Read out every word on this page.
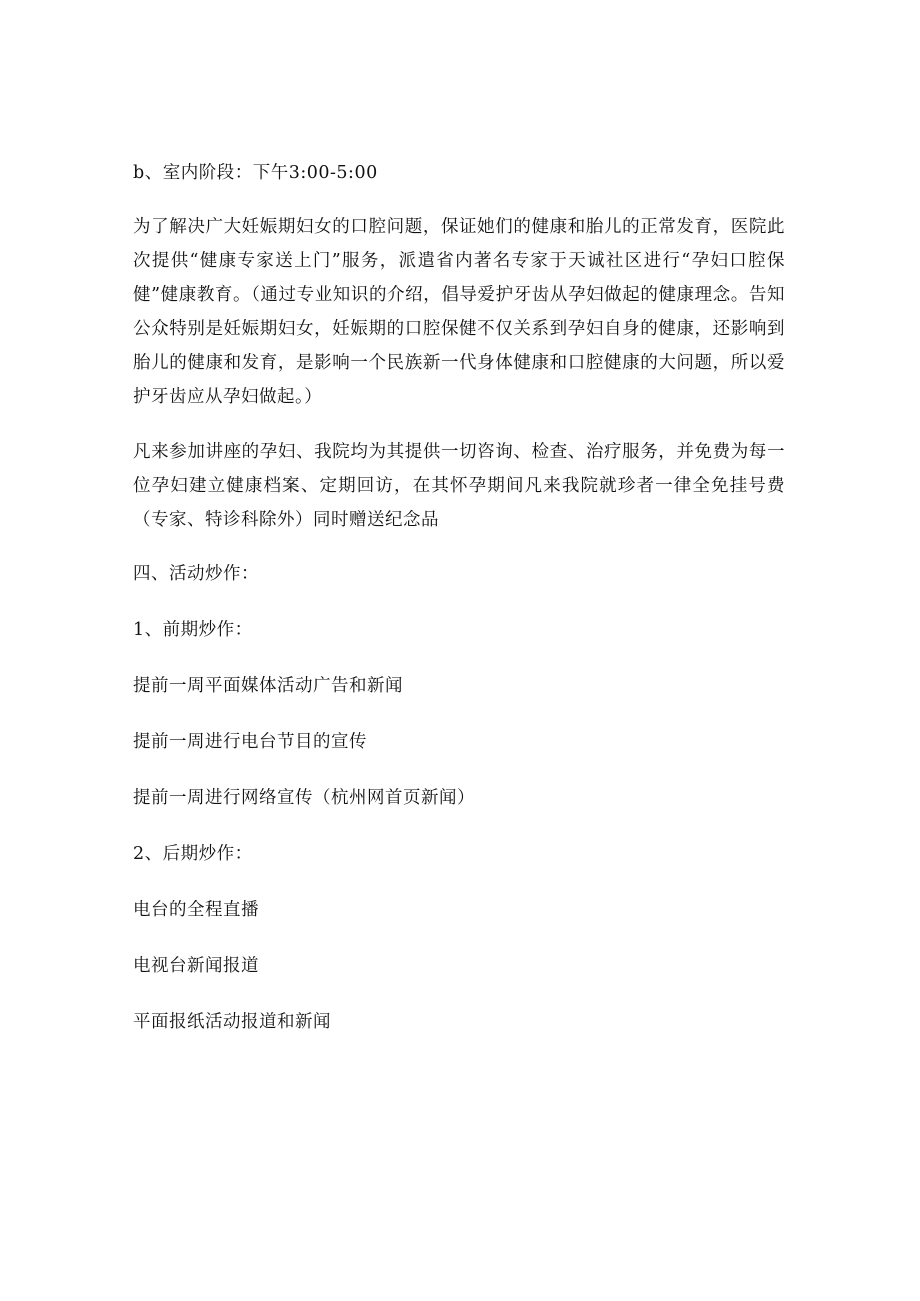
b、室内阶段：下午3:00-5:00

为了解决广大妊娠期妇女的口腔问题，保证她们的健康和胎儿的正常发育，医院此次提供“健康专家送上门”服务，派遣省内著名专家于天诚社区进行“孕妇口腔保健”健康教育。（通过专业知识的介绍，倡导爱护牙齿从孕妇做起的健康理念。告知公众特别是妊娠期妇女，妊娠期的口腔保健不仅关系到孕妇自身的健康，还影响到胎儿的健康和发育，是影响一个民族新一代身体健康和口腔健康的大问题，所以爱护牙齿应从孕妇做起。）

凡来参加讲座的孕妇、我院均为其提供一切咨询、检查、治疗服务，并免费为每一位孕妇建立健康档案、定期回访，在其怀孕期间凡来我院就珍者一律全免挂号费（专家、特诊科除外）同时赠送纪念品

四、活动炒作：

1、前期炒作：

提前一周平面媒体活动广告和新闻

提前一周进行电台节目的宣传

提前一周进行网络宣传（杭州网首页新闻）

2、后期炒作：

电台的全程直播

电视台新闻报道

平面报纸活动报道和新闻
